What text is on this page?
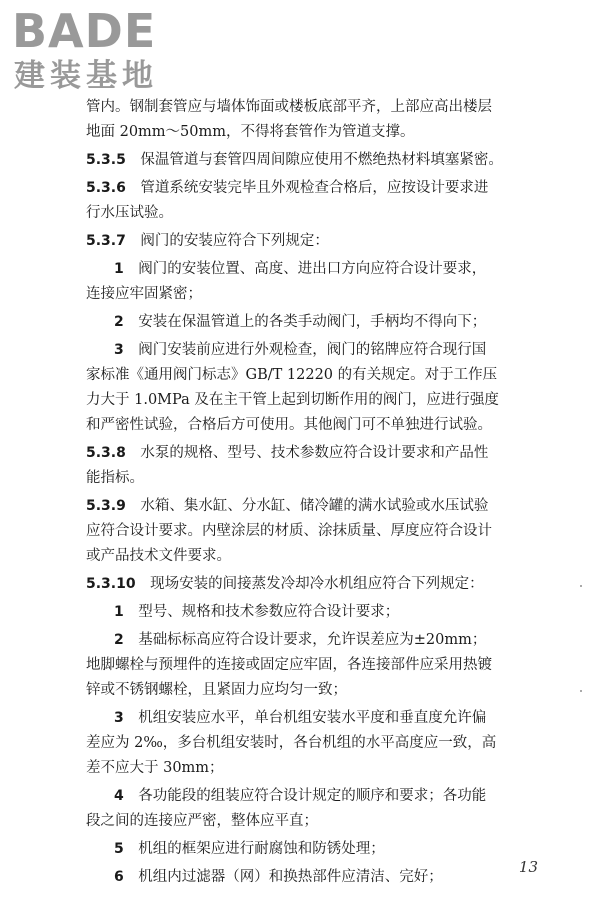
BADE
建装基地
管内。钢制套管应与墙体饰面或楼板底部平齐，上部应高出楼层
地面 20mm～50mm，不得将套管作为管道支撑。
5.3.5  保温管道与套管四周间隙应使用不燃绝热材料填塞紧密。
5.3.6  管道系统安装完毕且外观检查合格后，应按设计要求进
行水压试验。
5.3.7  阀门的安装应符合下列规定：
1  阀门的安装位置、高度、进出口方向应符合设计要求，
连接应牢固紧密；
2  安装在保温管道上的各类手动阀门，手柄均不得向下；
3  阀门安装前应进行外观检查，阀门的铭牌应符合现行国
家标准《通用阀门标志》GB/T 12220 的有关规定。对于工作压
力大于 1.0MPa 及在主干管上起到切断作用的阀门，应进行强度
和严密性试验，合格后方可使用。其他阀门可不单独进行试验。
5.3.8  水泵的规格、型号、技术参数应符合设计要求和产品性
能指标。
5.3.9  水箱、集水缸、分水缸、储冷罐的满水试验或水压试验
应符合设计要求。内壁涂层的材质、涂抹质量、厚度应符合设计
或产品技术文件要求。
5.3.10  现场安装的间接蒸发冷却冷水机组应符合下列规定：
1  型号、规格和技术参数应符合设计要求；
2  基础标标高应符合设计要求，允许误差应为±20mm；
地脚螺栓与预埋件的连接或固定应牢固，各连接部件应采用热镀
锌或不锈钢螺栓，且紧固力应均匀一致；
3  机组安装应水平，单台机组安装水平度和垂直度允许偏
差应为 2‰，多台机组安装时，各台机组的水平高度应一致，高
差不应大于 30mm；
4  各功能段的组装应符合设计规定的顺序和要求；各功能
段之间的连接应严密，整体应平直；
5  机组的框架应进行耐腐蚀和防锈处理；
6  机组内过滤器（网）和换热部件应清洁、完好；
13
